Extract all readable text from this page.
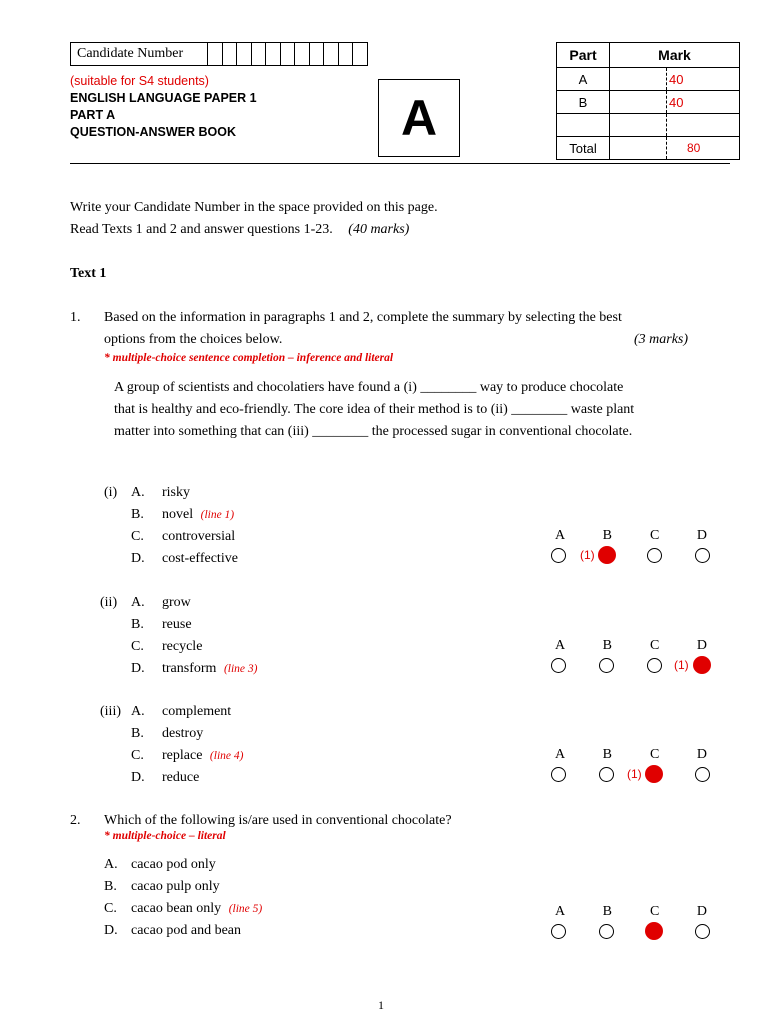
Candidate Number
(suitable for S4 students)
ENGLISH LANGUAGE PAPER 1
PART A
QUESTION-ANSWER BOOK	A
Part	Mark	
A		40
B		40

Total		80
Write your Candidate Number in the space provided on this page.
Read Texts 1 and 2 and answer questions 1-23. (40 marks)
Text 1
1. Based on the information in paragraphs 1 and 2, complete the summary by selecting the best
options from the choices below.	(3 marks)
* multiple-choice sentence completion – inference and literal
A group of scientists and chocolatiers have found a (i) ________ way to produce chocolate
that is healthy and eco-friendly. The core idea of their method is to (ii) ________ waste plant
matter into something that can (iii) ________ the processed sugar in conventional chocolate.
(i) A. risky
B. novel (line 1)
C. controversial
D. cost-effective
A	B	C	D
(1)
(ii) A. grow
B. reuse
C. recycle
D. transform (line 3)
A	B	C	D
(1)
(iii) A. complement
B. destroy
C. replace (line 4)
D. reduce
A	B	C	D
(1)
2. Which of the following is/are used in conventional chocolate?
* multiple-choice – literal
A. cacao pod only
B. cacao pulp only
C. cacao bean only (line 5)
D. cacao pod and bean
A	B	C	D
1
